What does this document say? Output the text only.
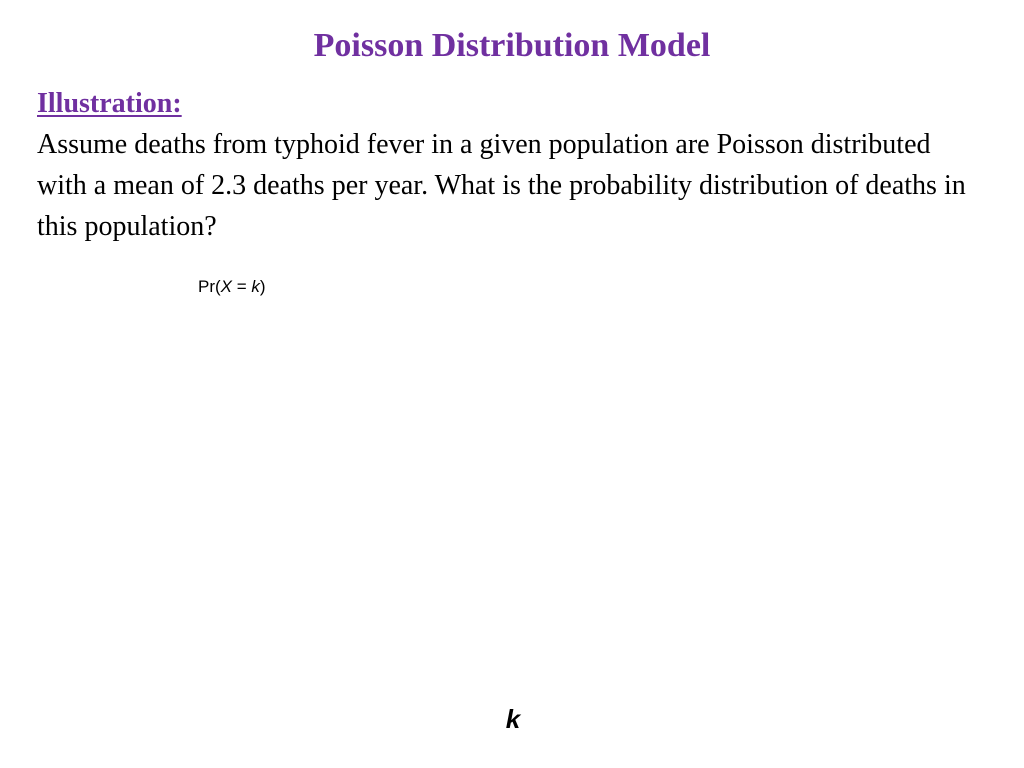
Poisson Distribution Model
Illustration:

Assume deaths from typhoid fever in a given population are Poisson distributed with a mean of 2.3 deaths per year. What is the probability distribution of deaths in this population?

Pr(X = k)
k
